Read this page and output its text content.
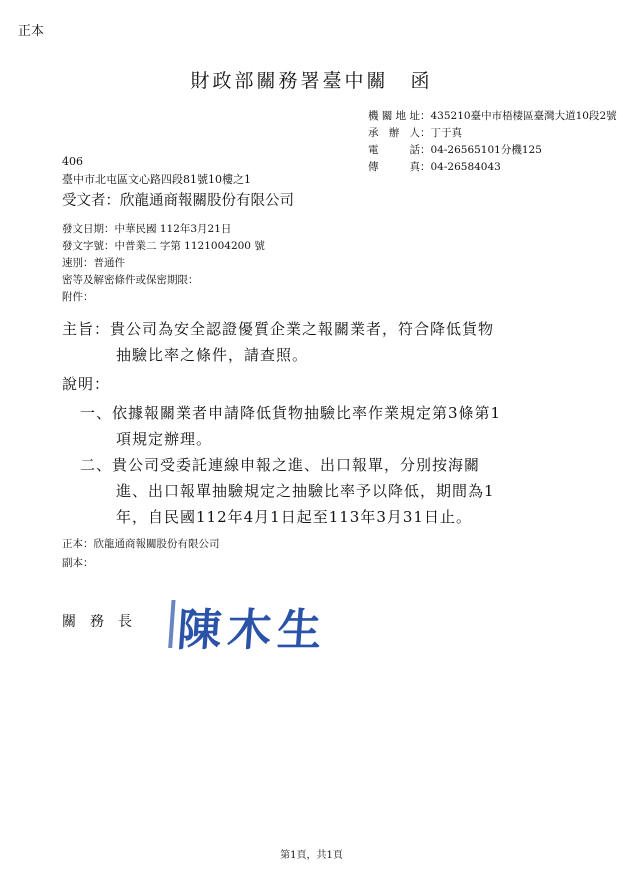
正本
財政部關務署臺中關　函
機關地址：435210臺中市梧棲區臺灣大道10段2號
承 辦 人：丁于真
電　　話：04-26565101分機125
傳　　真：04-26584043
406
臺中市北屯區文心路四段81號10樓之1
受文者：欣龍通商報關股份有限公司
發文日期：中華民國 112年3月21日
發文字號：中普業二 字第 1121004200 號
速別：普通件
密等及解密條件或保密期限：
附件：
主旨：貴公司為安全認證優質企業之報關業者，符合降低貨物
抽驗比率之條件，請查照。
說明：
一、依據報關業者申請降低貨物抽驗比率作業規定第3條第1
項規定辦理。
二、貴公司受委託連線申報之進、出口報單，分別按海關
進、出口報單抽驗規定之抽驗比率予以降低，期間為1
年，自民國112年4月1日起至113年3月31日止。
正本：欣龍通商報關股份有限公司
副本：
關務長 陳木生
第1頁，共1頁
